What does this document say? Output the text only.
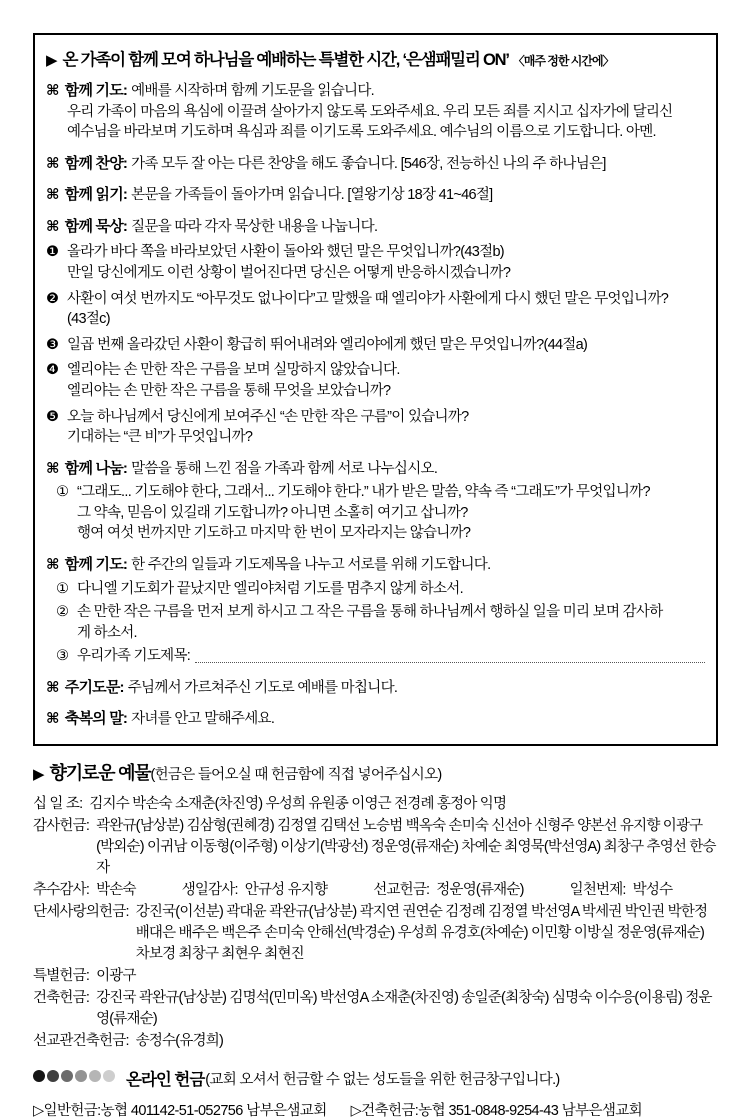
▶ 온 가족이 함께 모여 하나님을 예배하는 특별한 시간, ‘은샘패밀리 ON’ 〈매주 정한 시간에〉
⌘ 함께 기도: 예배를 시작하며 함께 기도문을 읽습니다.
우리 가족이 마음의 욕심에 이끌려 살아가지 않도록 도와주세요. 우리 모든 죄를 지시고 십자가에 달리신
예수님을 바라보며 기도하며 욕심과 죄를 이기도록 도와주세요. 예수님의 이름으로 기도합니다. 아멘.
⌘ 함께 찬양: 가족 모두 잘 아는 다른 찬양을 해도 좋습니다. [546장, 전능하신 나의 주 하나님은]
⌘ 함께 읽기: 본문을 가족들이 돌아가며 읽습니다. [열왕기상 18장 41~46절]
⌘ 함께 묵상: 질문을 따라 각자 묵상한 내용을 나눕니다.
❶ 올라가 바다 쪽을 바라보았던 사환이 돌아와 했던 말은 무엇입니까?(43절b)
만일 당신에게도 이런 상황이 벌어진다면 당신은 어떻게 반응하시겠습니까?
❷ 사환이 여섯 번까지도 “아무것도 없나이다”고 말했을 때 엘리야가 사환에게 다시 했던 말은 무엇입니까?
(43절c)
❸ 일곱 번째 올라갔던 사환이 황급히 뛰어내려와 엘리야에게 했던 말은 무엇입니까?(44절a)
❹ 엘리야는 손 만한 작은 구름을 보며 실망하지 않았습니다.
엘리야는 손 만한 작은 구름을 통해 무엇을 보았습니까?
❺ 오늘 하나님께서 당신에게 보여주신 “손 만한 작은 구름”이 있습니까?
기대하는 “큰 비”가 무엇입니까?
⌘ 함께 나눔: 말씀을 통해 느낀 점을 가족과 함께 서로 나누십시오.
① “그래도... 기도해야 한다, 그래서... 기도해야 한다.” 내가 받은 말씀, 약속 즉 “그래도”가 무엇입니까?
그 약속, 믿음이 있길래 기도합니까? 아니면 소홀히 여기고 삽니까?
행여 여섯 번까지만 기도하고 마지막 한 번이 모자라지는 않습니까?
⌘ 함께 기도: 한 주간의 일들과 기도제목을 나누고 서로를 위해 기도합니다.
① 다니엘 기도회가 끝났지만 엘리야처럼 기도를 멈추지 않게 하소서.
② 손 만한 작은 구름을 먼저 보게 하시고 그 작은 구름을 통해 하나님께서 행하실 일을 미리 보며 감사하
게 하소서.
③ 우리가족 기도제목:
⌘ 주기도문: 주님께서 가르쳐주신 기도로 예배를 마칩니다.
⌘ 축복의 말: 자녀를 안고 말해주세요.
▶ 향기로운 예물(헌금은 들어오실 때 헌금함에 직접 넣어주십시오)
십 일 조: 김지수 박손숙 소재춘(차진영) 우성희 유원종 이영근 전경례 홍정아 익명
감사헌금: 곽완규(남상분) 김삼형(권혜경) 김정열 김택선 노승범 백옥숙 손미숙 신선아 신형주 양본선 유지향 이광구(박외순) 이귀남 이동형(이주형) 이상기(박광선) 정운영(류재순) 차예순 최영묵(박선영A) 최창구 추영선 한승자
추수감사: 박손숙	생일감사: 안규성 유지향	선교헌금: 정운영(류재순)	일천번제: 박성수
단세사랑의헌금: 강진국(이선분) 곽대윤 곽완규(남상분) 곽지연 권연순 김정례 김정열 박선영A 박세권 박인권 박한정 배대은 배주은 백은주 손미숙 안해선(박경순) 우성희 유경호(차예순) 이민황 이방실 정운영(류재순) 차보경 최창구 최현우 최현진
특별헌금: 이광구
건축헌금: 강진국 곽완규(남상분) 김명석(민미옥) 박선영A 소재춘(차진영) 송일준(최창숙) 심명숙 이수응(이용림) 정운영(류재순)
선교관건축헌금: 송정수(유경희)
온라인 헌금 (교회 오셔서 헌금할 수 없는 성도들을 위한 헌금창구입니다.)
▷일반헌금:농협 401142-51-052756 남부은샘교회 ▷건축헌금:농협 351-0848-9254-43 남부은샘교회
